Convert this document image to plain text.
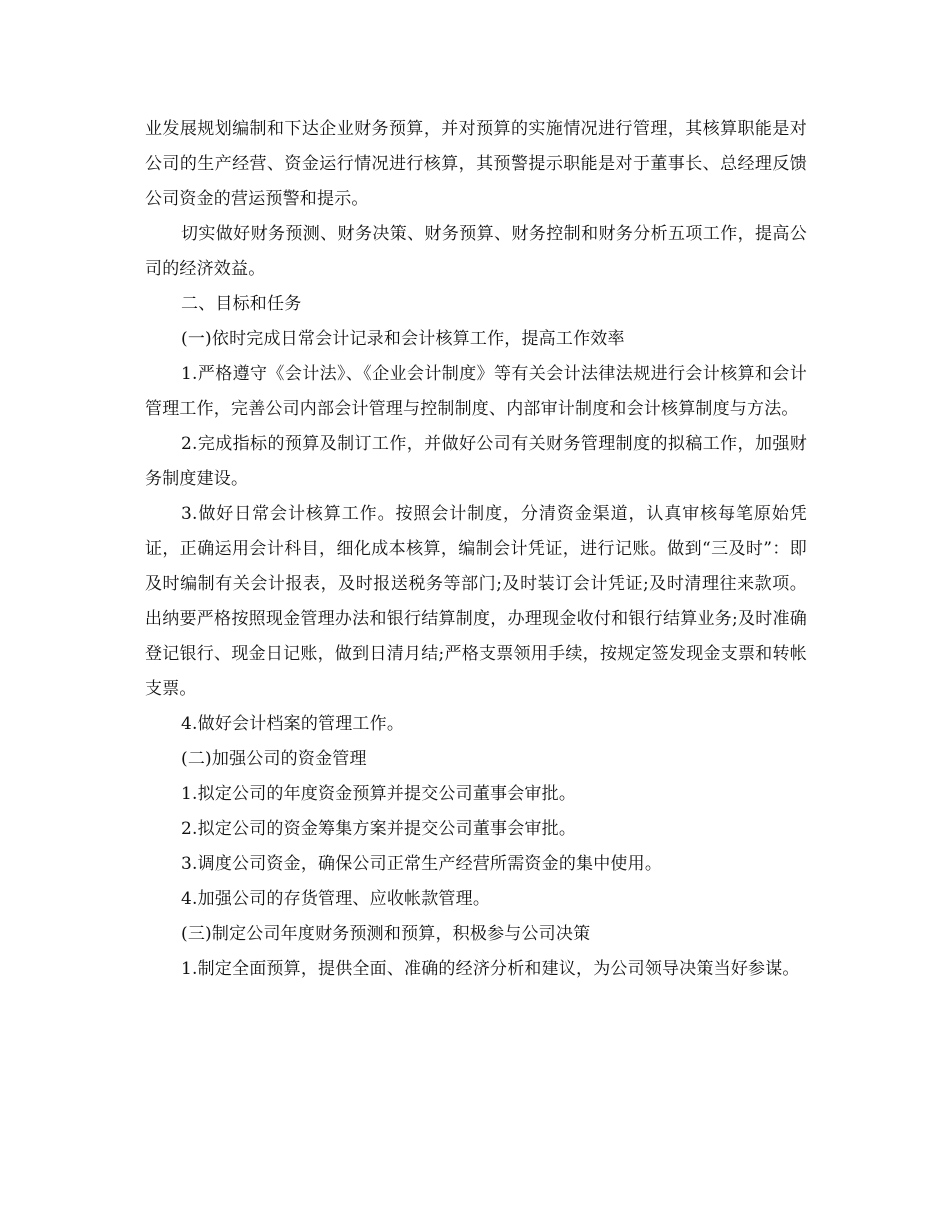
业发展规划编制和下达企业财务预算，并对预算的实施情况进行管理，其核算职能是对公司的生产经营、资金运行情况进行核算，其预警提示职能是对于董事长、总经理反馈公司资金的营运预警和提示。

切实做好财务预测、财务决策、财务预算、财务控制和财务分析五项工作，提高公司的经济效益。

二、目标和任务

(一)依时完成日常会计记录和会计核算工作，提高工作效率

1.严格遵守《会计法》、《企业会计制度》等有关会计法律法规进行会计核算和会计管理工作，完善公司内部会计管理与控制制度、内部审计制度和会计核算制度与方法。

2.完成指标的预算及制订工作，并做好公司有关财务管理制度的拟稿工作，加强财务制度建设。

3.做好日常会计核算工作。按照会计制度，分清资金渠道，认真审核每笔原始凭证，正确运用会计科目，细化成本核算，编制会计凭证，进行记账。做到“三及时”：即及时编制有关会计报表，及时报送税务等部门;及时装订会计凭证;及时清理往来款项。出纳要严格按照现金管理办法和银行结算制度，办理现金收付和银行结算业务;及时准确登记银行、现金日记账，做到日清月结;严格支票领用手续，按规定签发现金支票和转帐支票。

4.做好会计档案的管理工作。

(二)加强公司的资金管理

1.拟定公司的年度资金预算并提交公司董事会审批。

2.拟定公司的资金筹集方案并提交公司董事会审批。

3.调度公司资金，确保公司正常生产经营所需资金的集中使用。

4.加强公司的存货管理、应收帐款管理。

(三)制定公司年度财务预测和预算，积极参与公司决策

1.制定全面预算，提供全面、准确的经济分析和建议，为公司领导决策当好参谋。
